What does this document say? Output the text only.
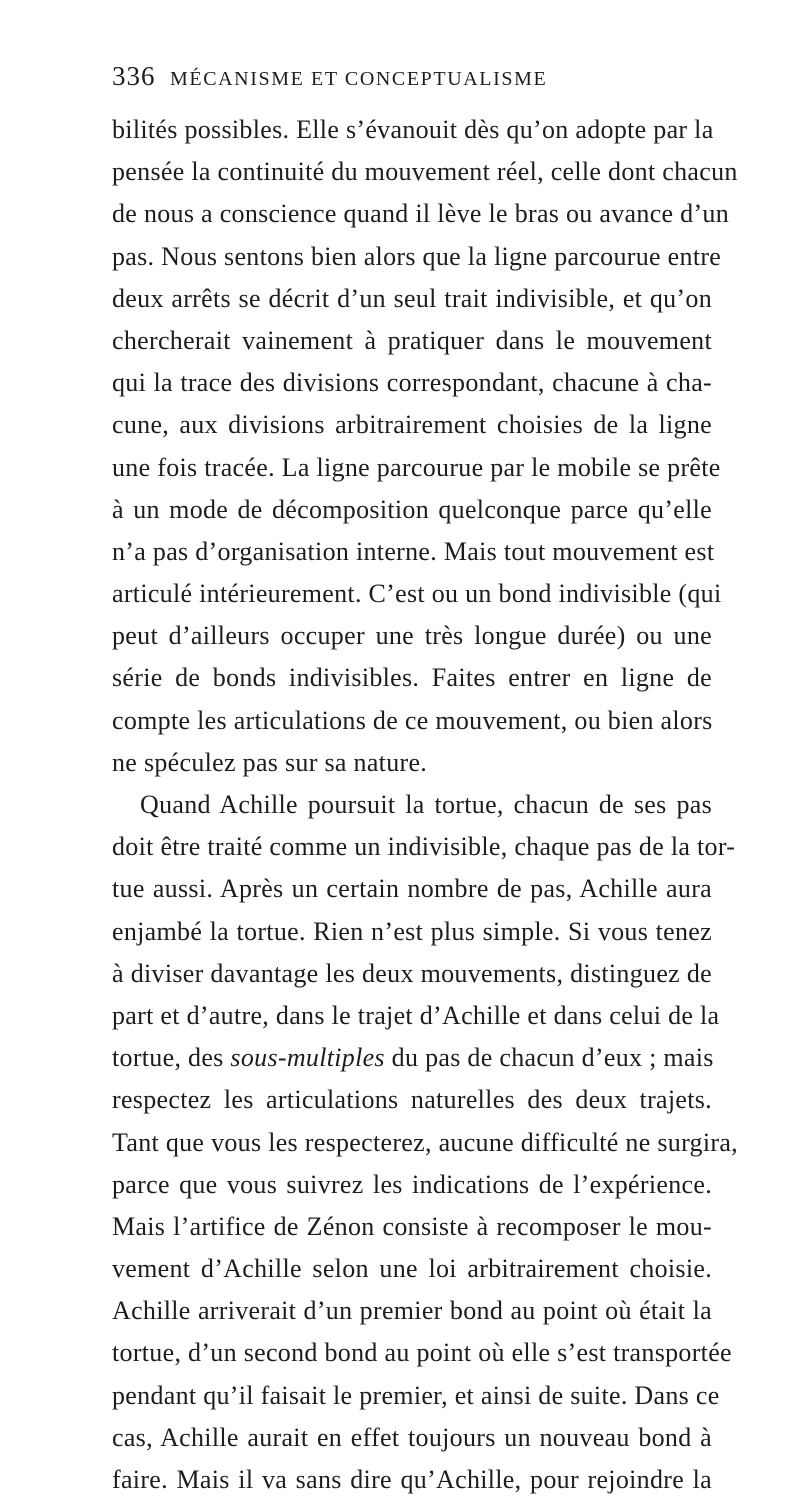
336 MÉCANISME ET CONCEPTUALISME
bilités possibles. Elle s’évanouit dès qu’on adopte par la
pensée la continuité du mouvement réel, celle dont chacun
de nous a conscience quand il lève le bras ou avance d’un
pas. Nous sentons bien alors que la ligne parcourue entre
deux arrêts se décrit d’un seul trait indivisible, et qu’on
chercherait vainement à pratiquer dans le mouvement
qui la trace des divisions correspondant, chacune à cha-
cune, aux divisions arbitrairement choisies de la ligne
une fois tracée. La ligne parcourue par le mobile se prête
à un mode de décomposition quelconque parce qu’elle
n’a pas d’organisation interne. Mais tout mouvement est
articulé intérieurement. C’est ou un bond indivisible (qui
peut d’ailleurs occuper une très longue durée) ou une
série de bonds indivisibles. Faites entrer en ligne de
compte les articulations de ce mouvement, ou bien alors
ne spéculez pas sur sa nature.
Quand Achille poursuit la tortue, chacun de ses pas
doit être traité comme un indivisible, chaque pas de la tor-
tue aussi. Après un certain nombre de pas, Achille aura
enjambé la tortue. Rien n’est plus simple. Si vous tenez
à diviser davantage les deux mouvements, distinguez de
part et d’autre, dans le trajet d’Achille et dans celui de la
tortue, des sous-multiples du pas de chacun d’eux ; mais
respectez les articulations naturelles des deux trajets.
Tant que vous les respecterez, aucune difficulté ne surgira,
parce que vous suivrez les indications de l’expérience.
Mais l’artifice de Zénon consiste à recomposer le mou-
vement d’Achille selon une loi arbitrairement choisie.
Achille arriverait d’un premier bond au point où était la
tortue, d’un second bond au point où elle s’est transportée
pendant qu’il faisait le premier, et ainsi de suite. Dans ce
cas, Achille aurait en effet toujours un nouveau bond à
faire. Mais il va sans dire qu’Achille, pour rejoindre la
